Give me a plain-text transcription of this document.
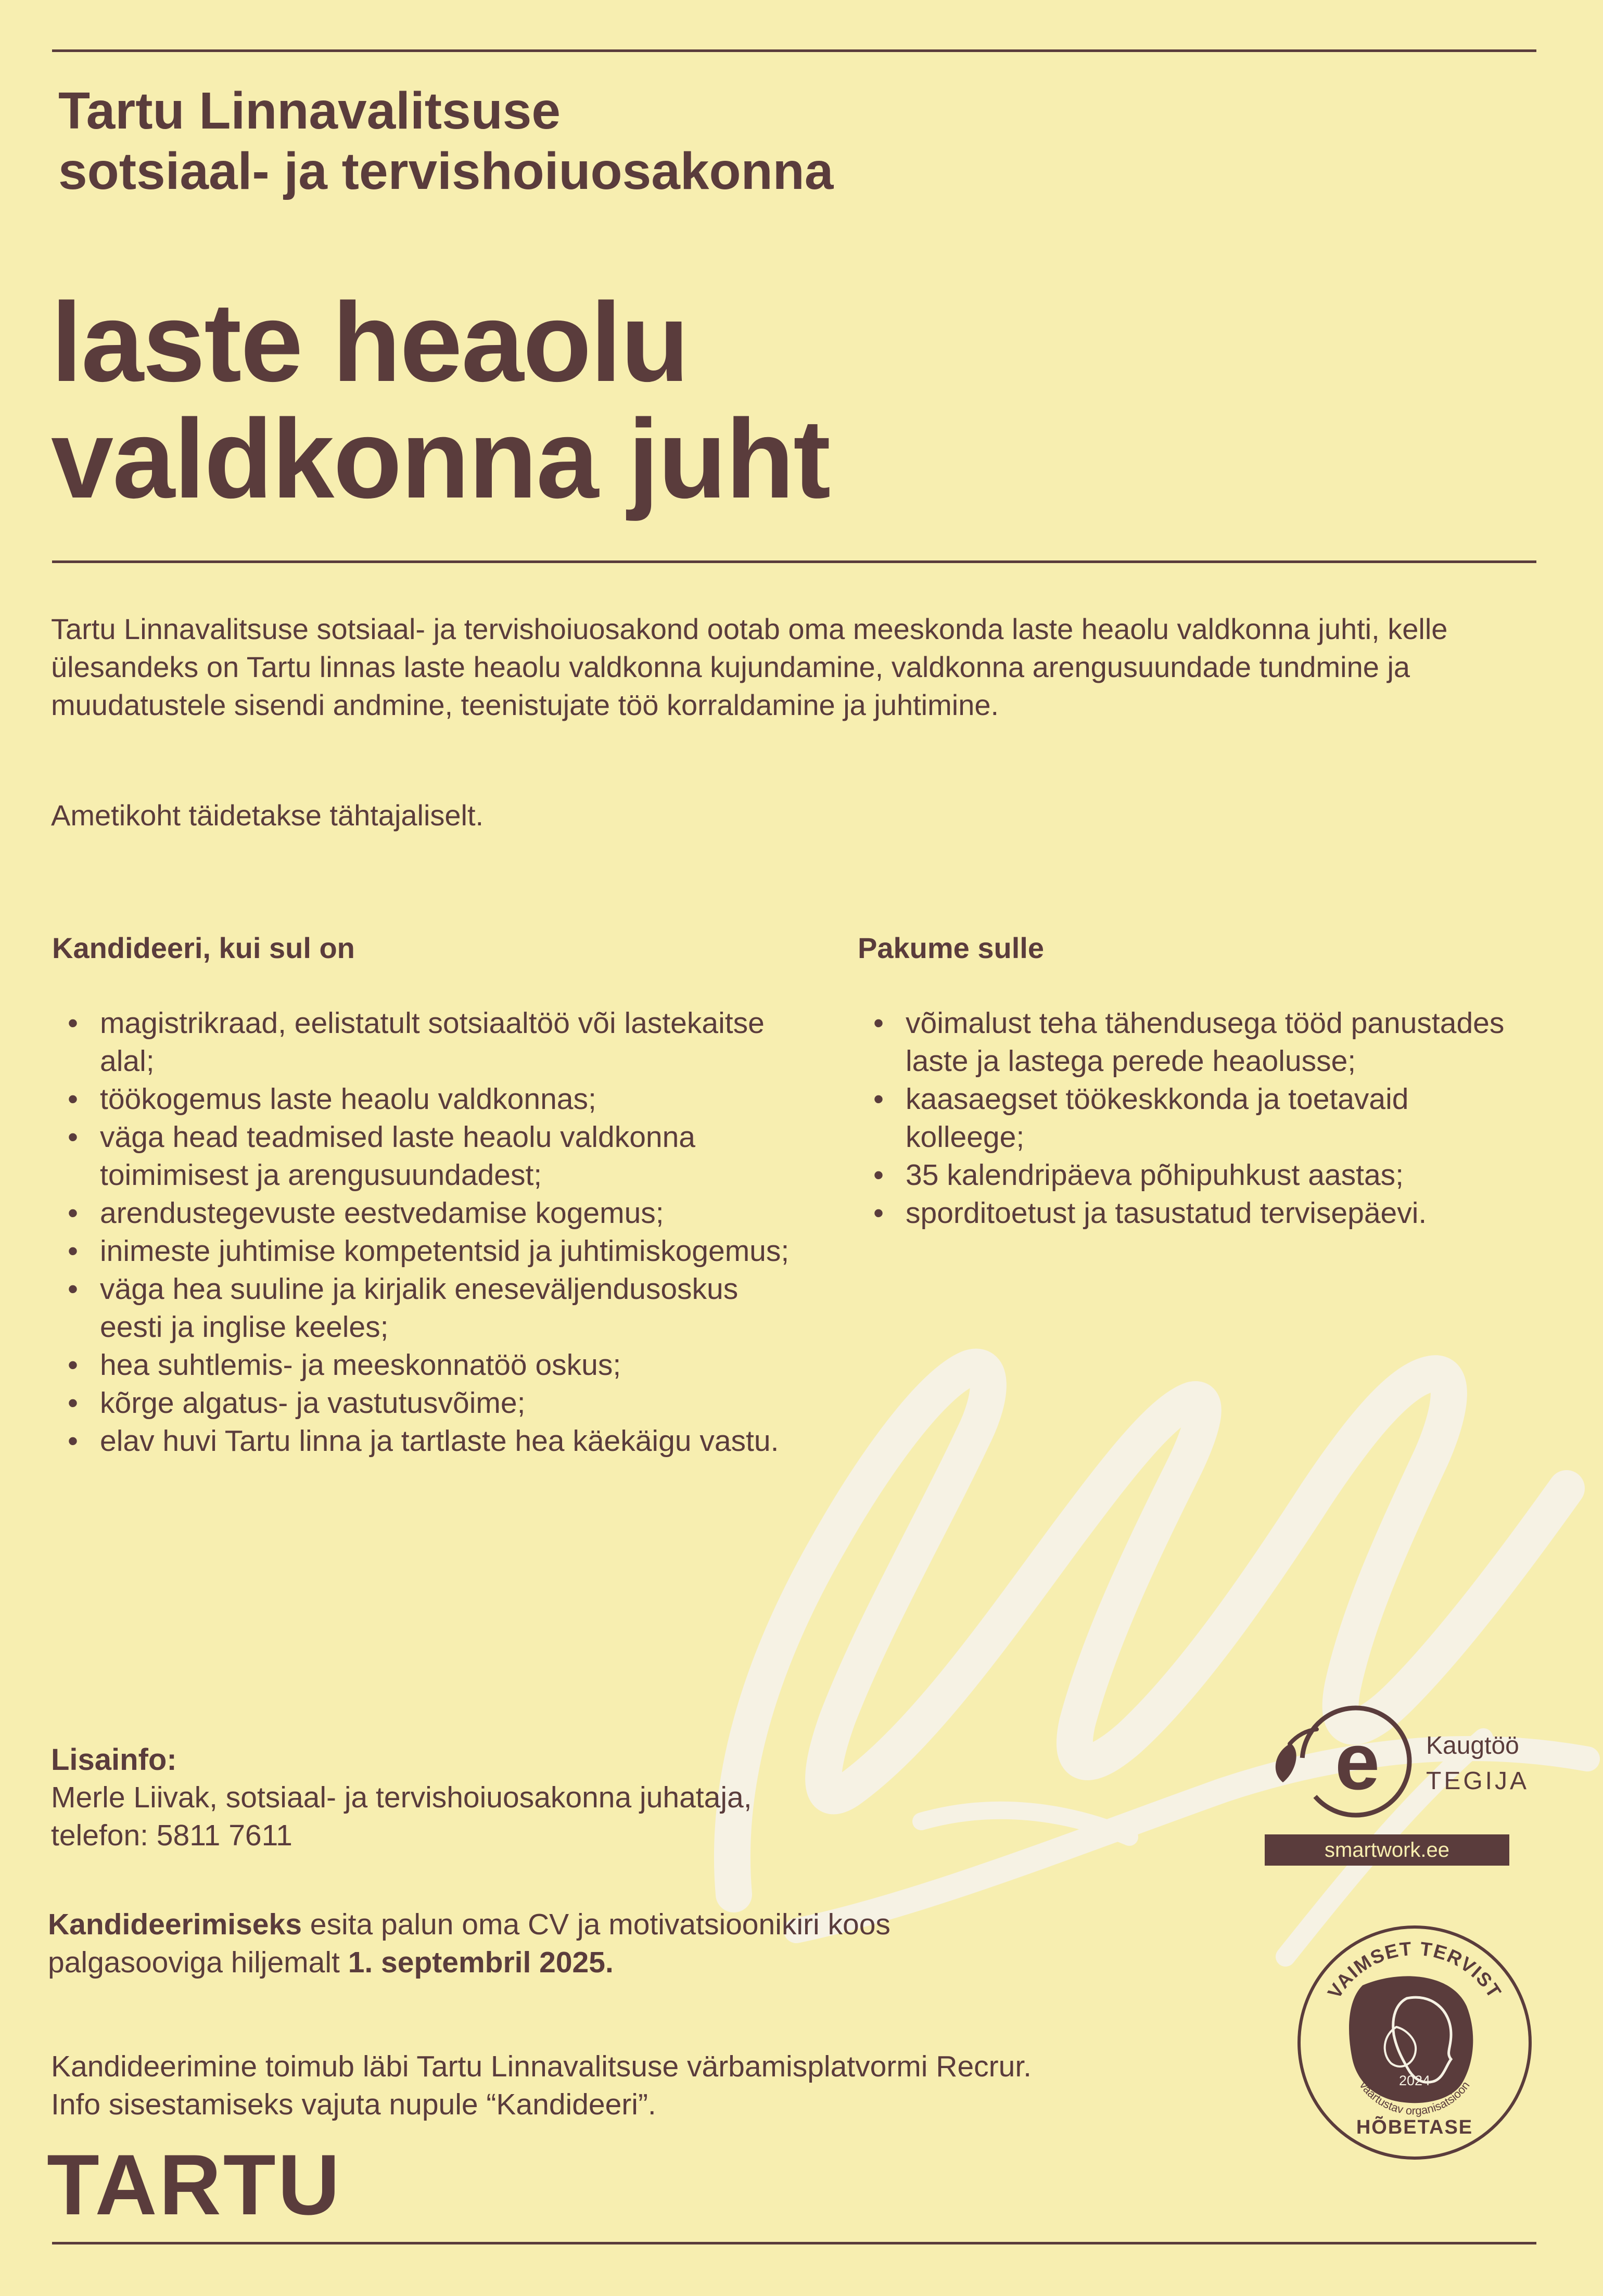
Tartu Linnavalitsuse
sotsiaal- ja tervishoiuosakonna
laste heaolu
valdkonna juht

Tartu Linnavalitsuse sotsiaal- ja tervishoiuosakond ootab oma meeskonda laste heaolu valdkonna juhti, kelle ülesandeks on Tartu linnas laste heaolu valdkonna kujundamine, valdkonna arengusuundade tundmine ja muudatustele sisendi andmine, teenistujate töö korraldamine ja juhtimine.

Ametikoht täidetakse tähtajaliselt.

Kandideeri, kui sul on
• magistrikraad, eelistatult sotsiaaltöö või lastekaitse alal;
• töökogemus laste heaolu valdkonnas;
• väga head teadmised laste heaolu valdkonna toimimisest ja arengusuundadest;
• arendustegevuste eestvedamise kogemus;
• inimeste juhtimise kompetentsid ja juhtimiskogemus;
• väga hea suuline ja kirjalik eneseväljendusoskus eesti ja inglise keeles;
• hea suhtlemis- ja meeskonnatöö oskus;
• kõrge algatus- ja vastutusvõime;
• elav huvi Tartu linna ja tartlaste hea käekäigu vastu.
Pakume sulle
• võimalust teha tähendusega tööd panustades laste ja lastega perede heaolusse;
• kaasaegset töökeskkonda ja toetavaid kolleege;
• 35 kalendripäeva põhipuhkust aastas;
• sporditoetust ja tasustatud tervisepäevi.
Lisainfo:

Merle Liivak, sotsiaal- ja tervishoiuosakonna juhataja,
telefon: 5811 7611

Kandideerimiseks esita palun oma CV ja motivatsioonikiri koos palgasooviga hiljemalt 1. septembril 2025.

Kandideerimine toimub läbi Tartu Linnavalitsuse värbamisplatvormi Recrur.
Info sisestamiseks vajuta nupule “Kandideeri”.

e Kaugtöö
TEGIJA
smartwork.ee
VAIMSET TERVIST
2024
väärtustav organisatsioon
HÕBETASE
TARTU
